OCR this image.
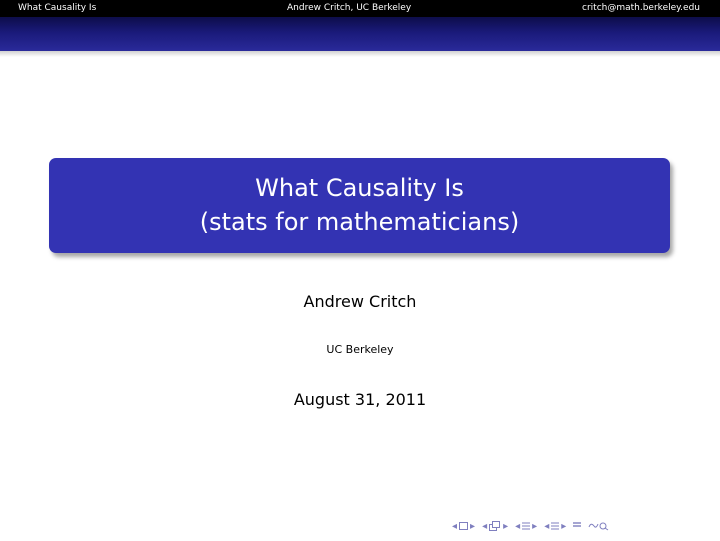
What Causality Is	Andrew Critch, UC Berkeley	critch@math.berkeley.edu
What Causality Is
(stats for mathematicians)
Andrew Critch
UC Berkeley
August 31, 2011
◂ ▸ ◂ ▸ ◂ ▸ ◂ ▸
